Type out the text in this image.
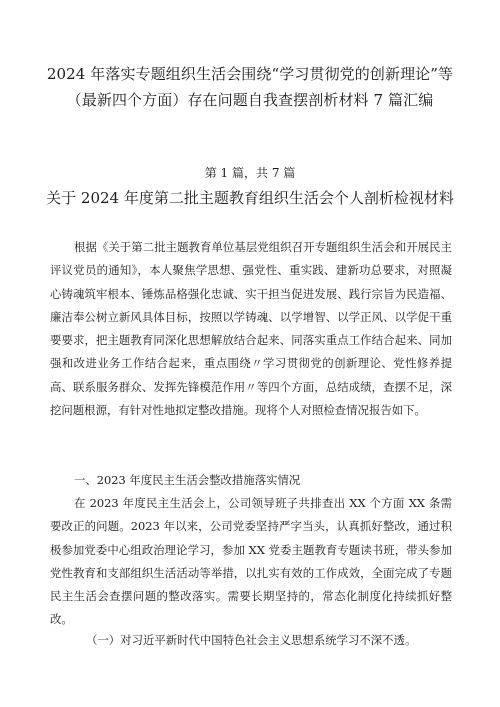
2024 年落实专题组织生活会围绕“学习贯彻党的创新理论”等（最新四个方面）存在问题自我查摆剖析材料 7 篇汇编
第 1 篇，共 7 篇
关于 2024 年度第二批主题教育组织生活会个人剖析检视材料

根据《关于第二批主题教育单位基层党组织召开专题组织生活会和开展民主评议党员的通知》，本人聚焦学思想、强党性、重实践、建新功总要求，对照凝心铸魂筑牢根本、锤炼品格强化忠诚、实干担当促进发展、践行宗旨为民造福、廉洁奉公树立新风具体目标，按照以学铸魂、以学增智、以学正风、以学促干重要要求，把主题教育同深化思想解放结合起来、同落实重点工作结合起来、同加强和改进业务工作结合起来，重点围绕〃学习贯彻党的创新理论、党性修养提高、联系服务群众、发挥先锋模范作用〃等四个方面，总结成绩，查摆不足，深挖问题根源，有针对性地拟定整改措施。现将个人对照检查情况报告如下。

一、2023 年度民主生活会整改措施落实情况

在 2023 年度民主生活会上，公司领导班子共排查出 XX 个方面 XX 条需要改正的问题。2023 年以来，公司党委坚持严字当头，认真抓好整改，通过积极参加党委中心组政治理论学习，参加 XX 党委主题教育专题读书班，带头参加党性教育和支部组织生活活动等举措，以扎实有效的工作成效，全面完成了专题民主生活会查摆问题的整改落实。需要长期坚持的，常态化制度化持续抓好整改。

（一）对习近平新时代中国特色社会主义思想系统学习不深不透。
